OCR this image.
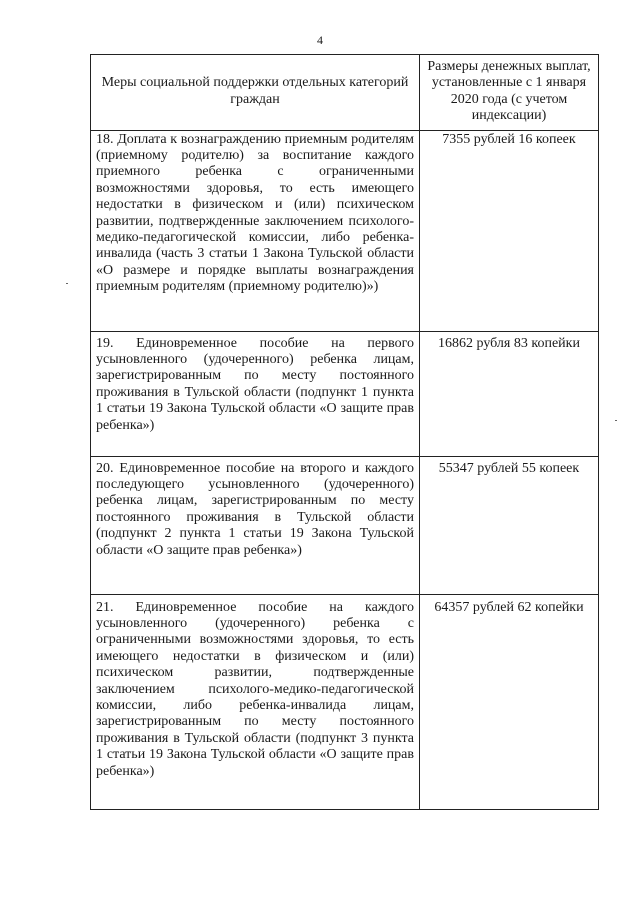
4
Меры социальной поддержки отдельных категорий граждан	Размеры денежных выплат, установленные с 1 января 2020 года (с учетом индексации)
18. Доплата к вознаграждению приемным родителям (приемному родителю) за воспитание каждого приемного ребенка с ограниченными возможностями здоровья, то есть имеющего недостатки в физическом и (или) психическом развитии, подтвержденные заключением психолого-медико-педагогической комиссии, либо ребенка-инвалида (часть 3 статьи 1 Закона Тульской области «О размере и порядке выплаты вознаграждения приемным родителям (приемному родителю)»)	7355 рублей 16 копеек
19. Единовременное пособие на первого усыновленного (удочеренного) ребенка лицам, зарегистрированным по месту постоянного проживания в Тульской области (подпункт 1 пункта 1 статьи 19 Закона Тульской области «О защите прав ребенка»)	16862 рубля 83 копейки
20. Единовременное пособие на второго и каждого последующего усыновленного (удочеренного) ребенка лицам, зарегистрированным по месту постоянного проживания в Тульской области (подпункт 2 пункта 1 статьи 19 Закона Тульской области «О защите прав ребенка»)	55347 рублей 55 копеек
21. Единовременное пособие на каждого усыновленного (удочеренного) ребенка с ограниченными возможностями здоровья, то есть имеющего недостатки в физическом и (или) психическом развитии, подтвержденные заключением психолого-медико-педагогической комиссии, либо ребенка-инвалида лицам, зарегистрированным по месту постоянного проживания в Тульской области (подпункт 3 пункта 1 статьи 19 Закона Тульской области «О защите прав ребенка»)	64357 рублей 62 копейки
